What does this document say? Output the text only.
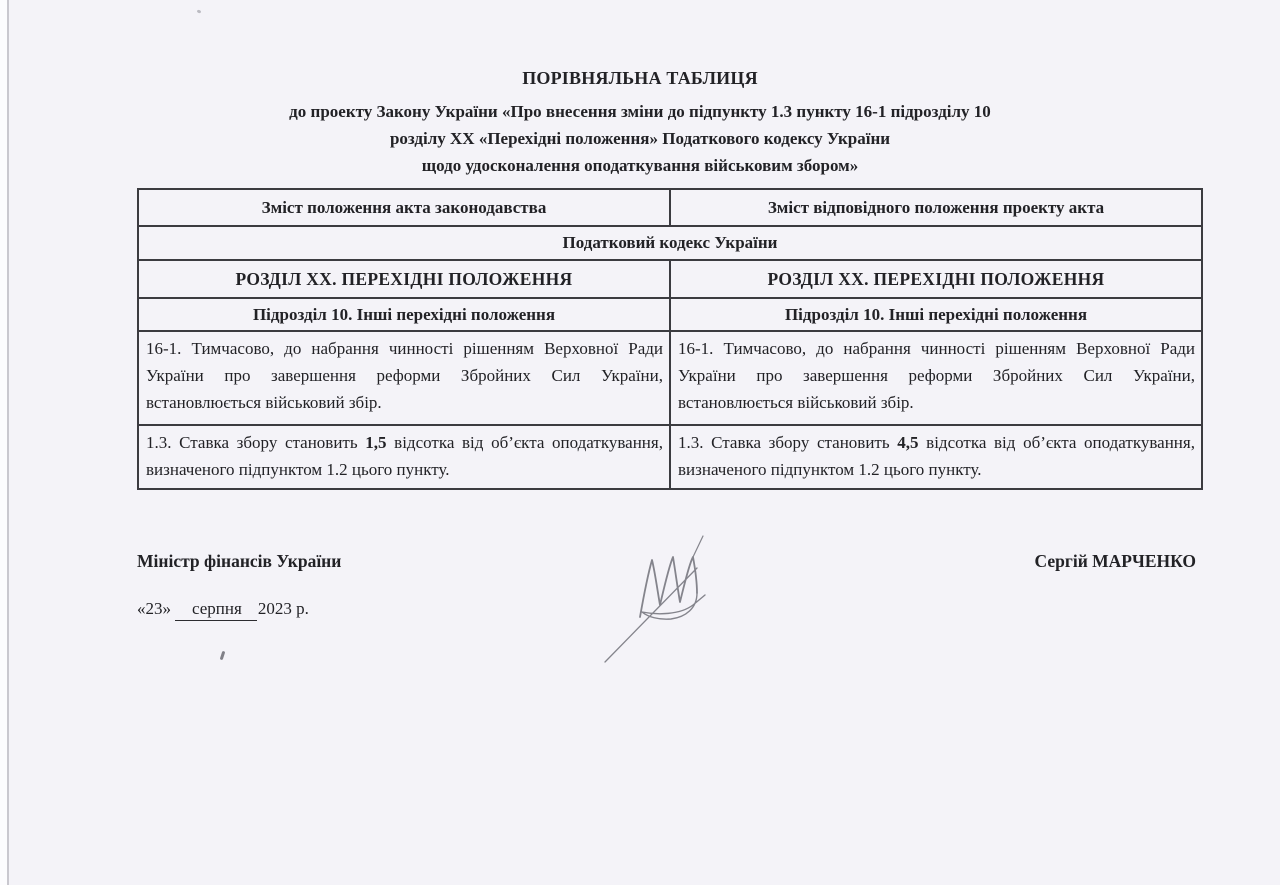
ПОРІВНЯЛЬНА ТАБЛИЦЯ
до проекту Закону України «Про внесення зміни до підпункту 1.3 пункту 16-1 підрозділу 10
розділу XX «Перехідні положення» Податкового кодексу України
щодо удосконалення оподаткування військовим збором»
Зміст положення акта законодавства	Зміст відповідного положення проекту акта
Податковий кодекс України	
РОЗДІЛ XX. ПЕРЕХІДНІ ПОЛОЖЕННЯ	РОЗДІЛ XX. ПЕРЕХІДНІ ПОЛОЖЕННЯ
Підрозділ 10. Інші перехідні положення	Підрозділ 10. Інші перехідні положення
16-1. Тимчасово, до набрання чинності рішенням Верховної Ради України про завершення реформи Збройних Сил України, встановлюється військовий збір.	16-1. Тимчасово, до набрання чинності рішенням Верховної Ради України про завершення реформи Збройних Сил України, встановлюється військовий збір.
1.3. Ставка збору становить 1,5 відсотка від об’єкта оподаткування, визначеного підпунктом 1.2 цього пункту.	1.3. Ставка збору становить 4,5 відсотка від об’єкта оподаткування, визначеного підпунктом 1.2 цього пункту.
Міністр фінансів України
«23» серпня 2023 р.
Сергій МАРЧЕНКО
